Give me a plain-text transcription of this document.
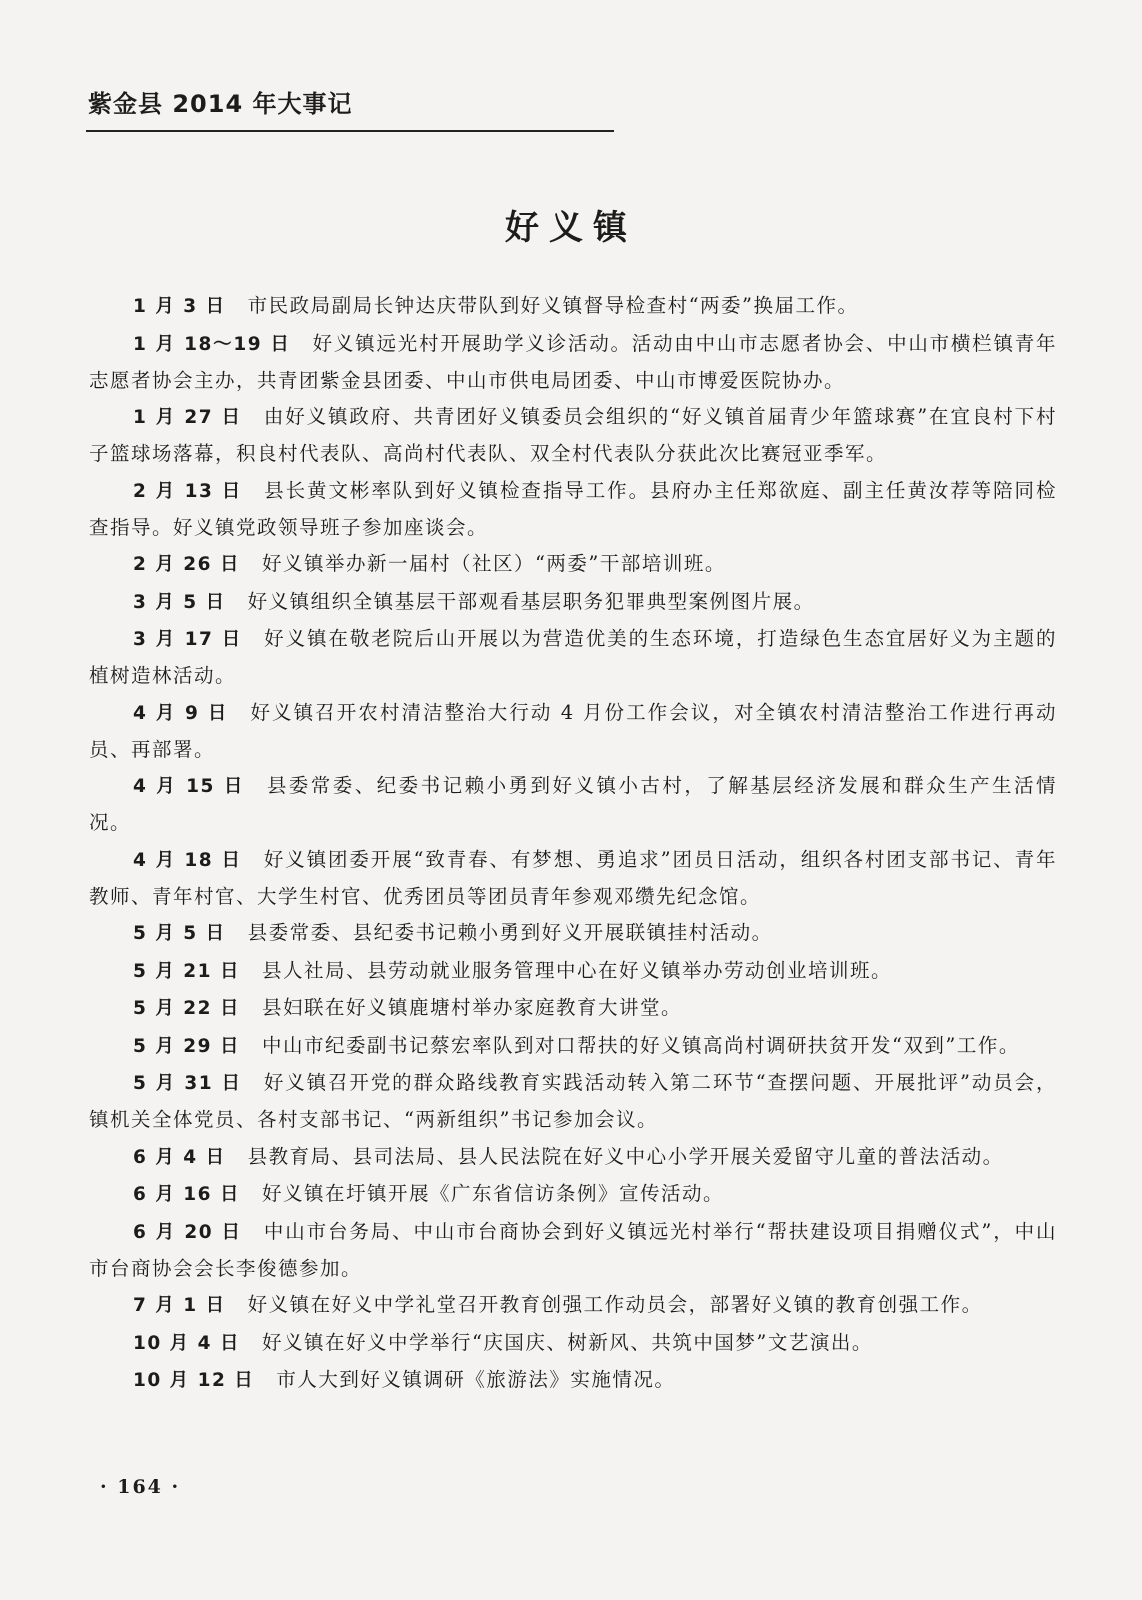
紫金县 2014 年大事记
好义镇

1 月 3 日 市民政局副局长钟达庆带队到好义镇督导检查村“两委”换届工作。

1 月 18～19 日 好义镇远光村开展助学义诊活动。活动由中山市志愿者协会、中山市横栏镇青年志愿者协会主办，共青团紫金县团委、中山市供电局团委、中山市博爱医院协办。

1 月 27 日 由好义镇政府、共青团好义镇委员会组织的“好义镇首届青少年篮球赛”在宜良村下村子篮球场落幕，积良村代表队、高尚村代表队、双全村代表队分获此次比赛冠亚季军。

2 月 13 日 县长黄文彬率队到好义镇检查指导工作。县府办主任郑欲庭、副主任黄汝荐等陪同检查指导。好义镇党政领导班子参加座谈会。

2 月 26 日 好义镇举办新一届村（社区）“两委”干部培训班。

3 月 5 日 好义镇组织全镇基层干部观看基层职务犯罪典型案例图片展。

3 月 17 日 好义镇在敬老院后山开展以为营造优美的生态环境，打造绿色生态宜居好义为主题的植树造林活动。

4 月 9 日 好义镇召开农村清洁整治大行动 4 月份工作会议，对全镇农村清洁整治工作进行再动员、再部署。

4 月 15 日 县委常委、纪委书记赖小勇到好义镇小古村，了解基层经济发展和群众生产生活情况。

4 月 18 日 好义镇团委开展“致青春、有梦想、勇追求”团员日活动，组织各村团支部书记、青年教师、青年村官、大学生村官、优秀团员等团员青年参观邓缵先纪念馆。

5 月 5 日 县委常委、县纪委书记赖小勇到好义开展联镇挂村活动。

5 月 21 日 县人社局、县劳动就业服务管理中心在好义镇举办劳动创业培训班。

5 月 22 日 县妇联在好义镇鹿塘村举办家庭教育大讲堂。

5 月 29 日 中山市纪委副书记蔡宏率队到对口帮扶的好义镇高尚村调研扶贫开发“双到”工作。

5 月 31 日 好义镇召开党的群众路线教育实践活动转入第二环节“查摆问题、开展批评”动员会，镇机关全体党员、各村支部书记、“两新组织”书记参加会议。

6 月 4 日 县教育局、县司法局、县人民法院在好义中心小学开展关爱留守儿童的普法活动。

6 月 16 日 好义镇在圩镇开展《广东省信访条例》宣传活动。

6 月 20 日 中山市台务局、中山市台商协会到好义镇远光村举行“帮扶建设项目捐赠仪式”，中山市台商协会会长李俊德参加。

7 月 1 日 好义镇在好义中学礼堂召开教育创强工作动员会，部署好义镇的教育创强工作。

10 月 4 日 好义镇在好义中学举行“庆国庆、树新风、共筑中国梦”文艺演出。

10 月 12 日 市人大到好义镇调研《旅游法》实施情况。

· 164 ·
